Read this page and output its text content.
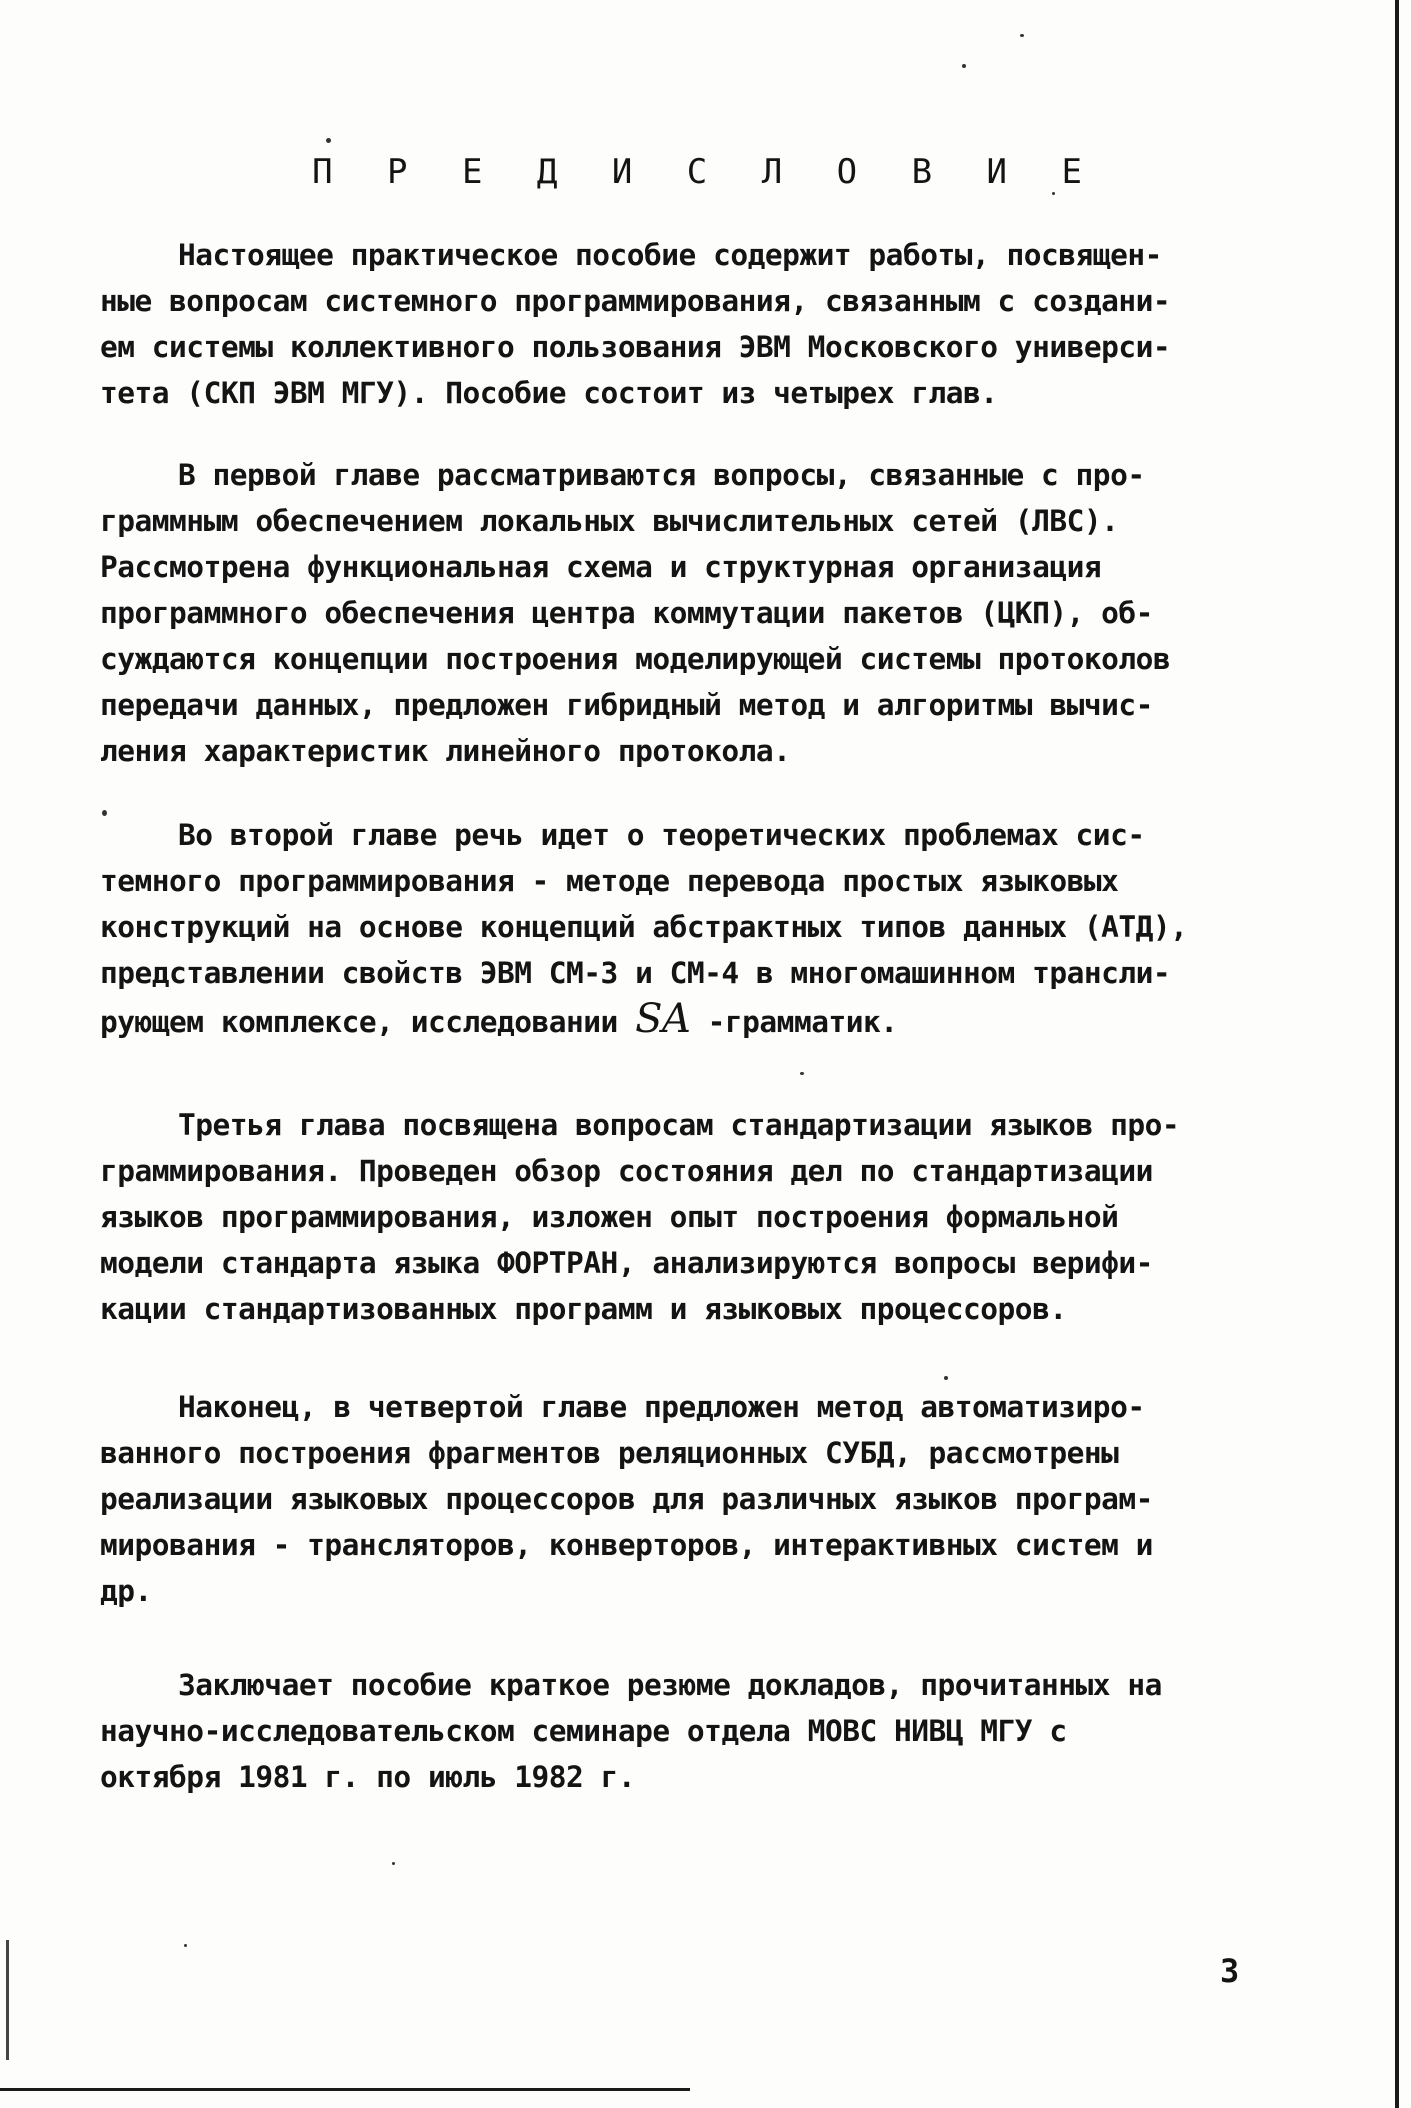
П Р Е Д И С Л О В И Е
Настоящее практическое пособие содержит работы, посвящен-
ные вопросам системного программирования, связанным с создани-
ем системы коллективного пользования ЭВМ Московского универси-
тета (СКП ЭВМ МГУ). Пособие состоит из четырех глав.
В первой главе рассматриваются вопросы, связанные с про-
граммным обеспечением локальных вычислительных сетей (ЛВС).
Рассмотрена функциональная схема и структурная организация
программного обеспечения центра коммутации пакетов (ЦКП), об-
суждаются концепции построения моделирующей системы протоколов
передачи данных, предложен гибридный метод и алгоритмы вычис-
ления характеристик линейного протокола.
Во второй главе речь идет о теоретических проблемах сис-
темного программирования - методе перевода простых языковых
конструкций на основе концепций абстрактных типов данных (АТД),
представлении свойств ЭВМ СМ-3 и СМ-4 в многомашинном трансли-
рующем комплексе, исследовании SA -грамматик.
Третья глава посвящена вопросам стандартизации языков про-
граммирования. Проведен обзор состояния дел по стандартизации
языков программирования, изложен опыт построения формальной
модели стандарта языка ФОРТРАН, анализируются вопросы верифи-
кации стандартизованных программ и языковых процессоров.
Наконец, в четвертой главе предложен метод автоматизиро-
ванного построения фрагментов реляционных СУБД, рассмотрены
реализации языковых процессоров для различных языков програм-
мирования - трансляторов, конверторов, интерактивных систем и
др.
Заключает пособие краткое резюме докладов, прочитанных на
научно-исследовательском семинаре отдела МОВС НИВЦ МГУ с
октября 1981 г. по июль 1982 г.
3
